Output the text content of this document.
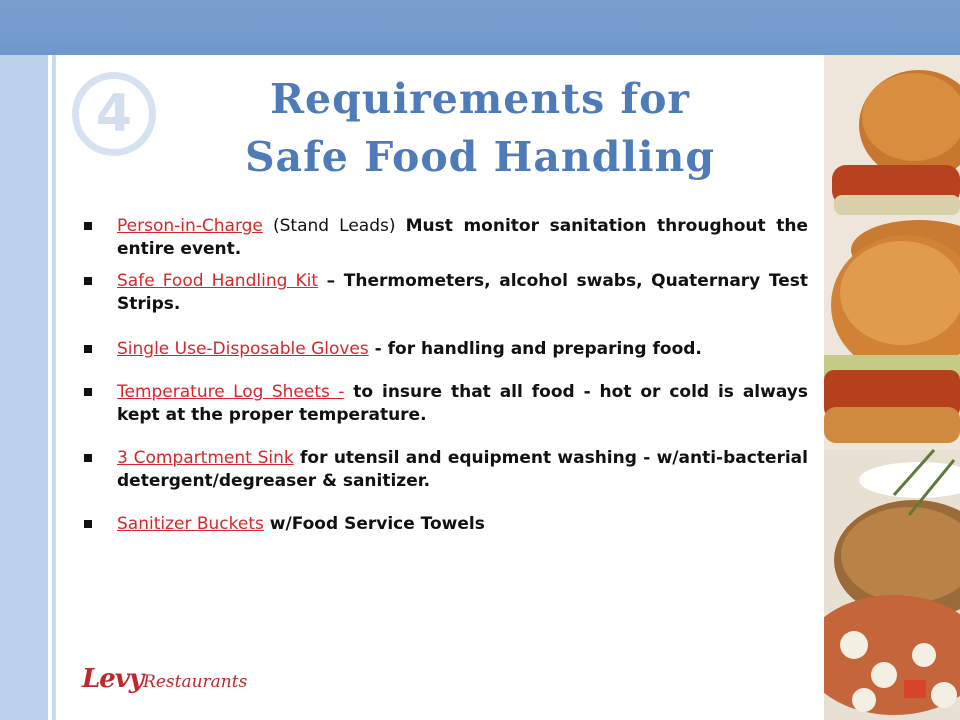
4	Requirements for
Safe Food Handling
Person-in-Charge (Stand Leads) Must monitor sanitation throughout the entire event.
Safe Food Handling Kit – Thermometers, alcohol swabs, Quaternary Test Strips.
Single Use-Disposable Gloves - for handling and preparing food.
Temperature Log Sheets - to insure that all food - hot or cold is always kept at the proper temperature.
3 Compartment Sink for utensil and equipment washing - w/anti-bacterial detergent/degreaser & sanitizer.
Sanitizer Buckets w/Food Service Towels
LevyRestaurants
